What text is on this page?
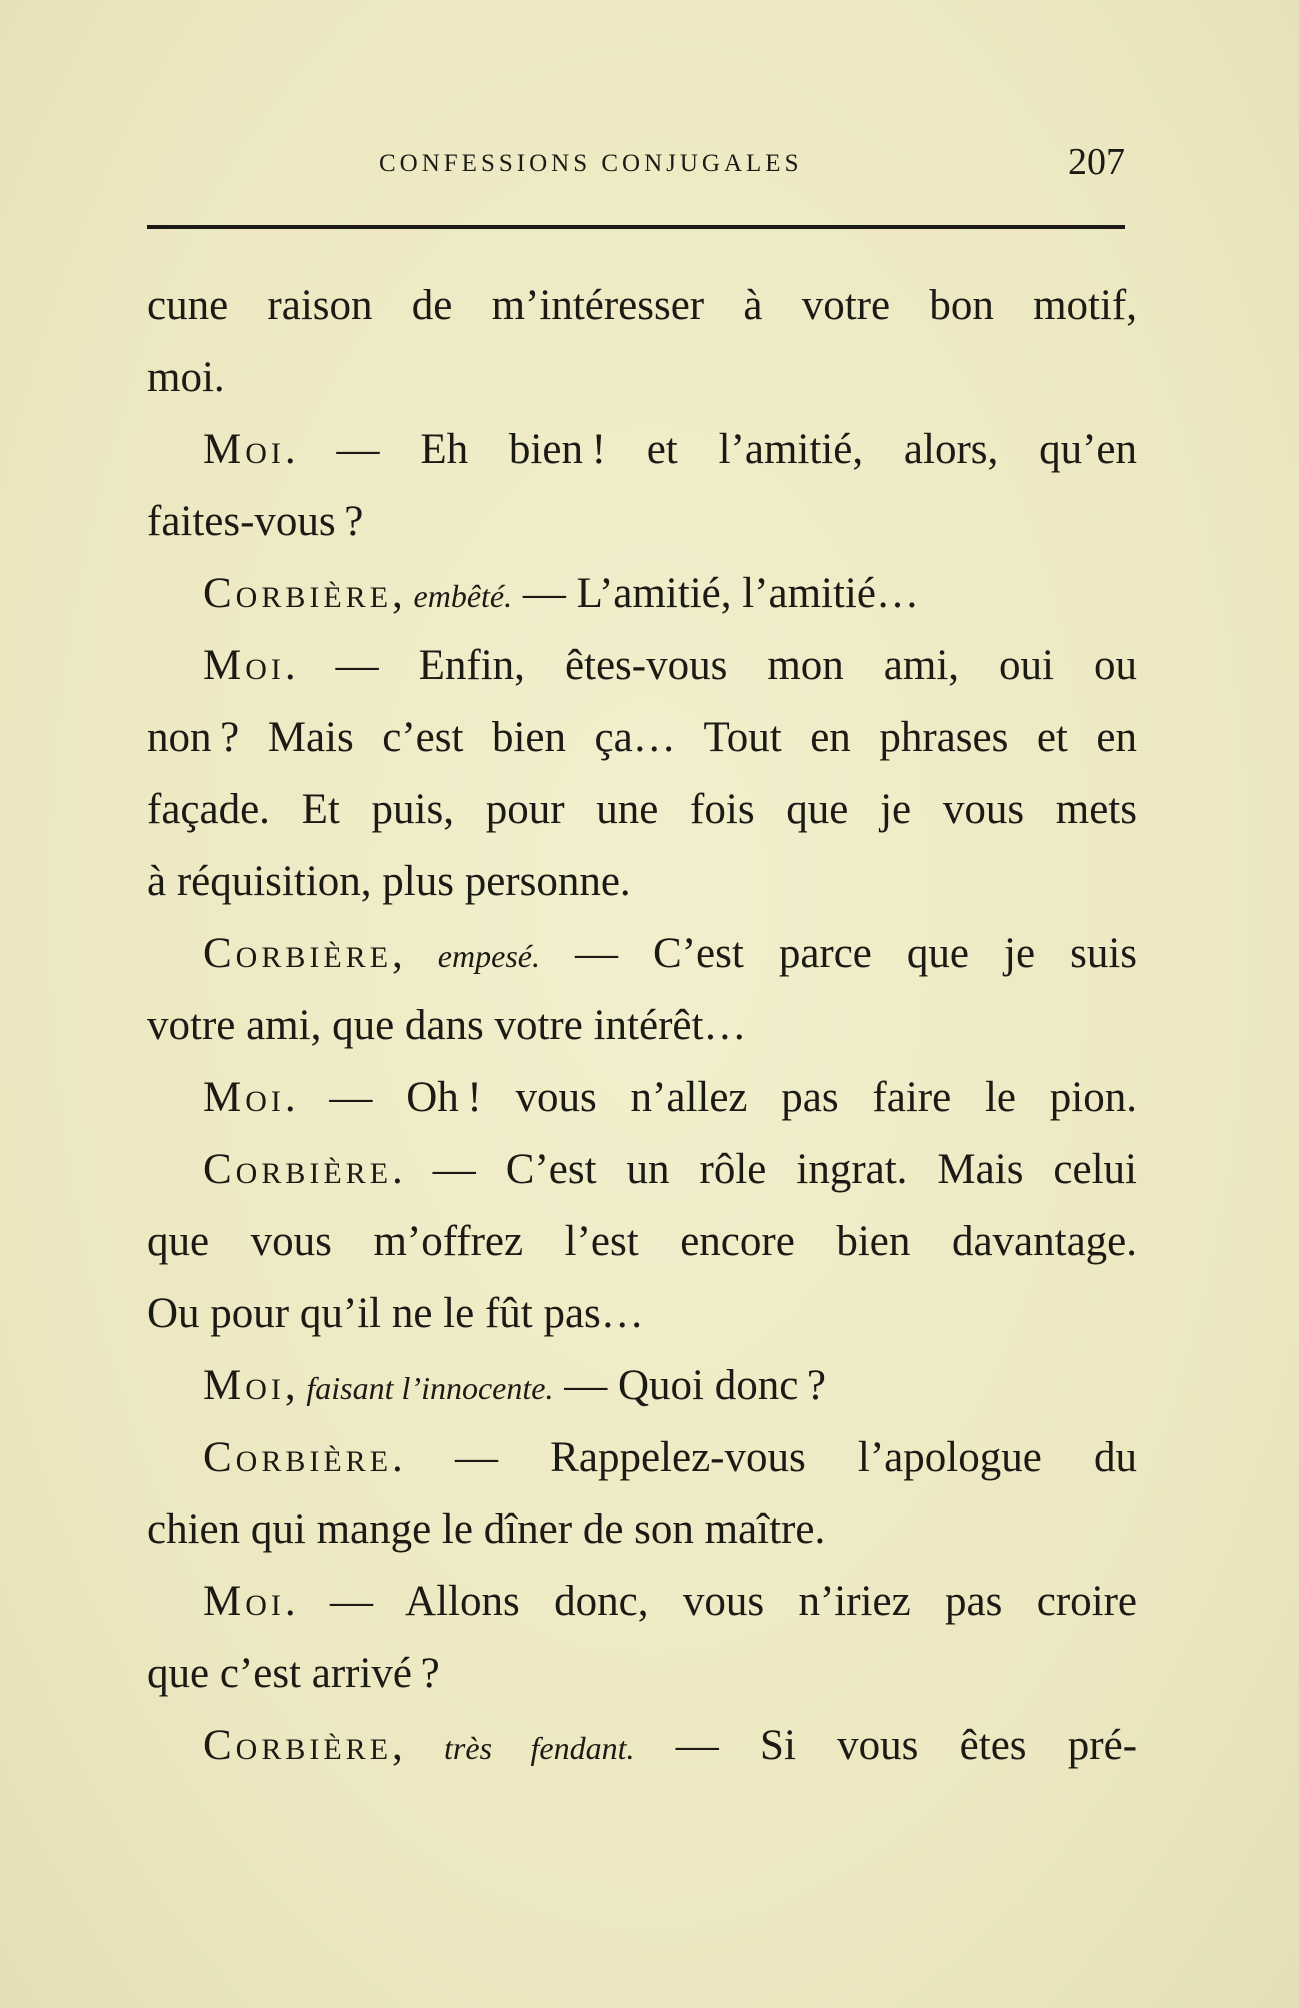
CONFESSIONS CONJUGALES	207
cune raison de m’intéresser à votre bon motif,
moi.
Moi. — Eh bien ! et l’amitié, alors, qu’en
faites-vous ?
Corbière, embêté. — L’amitié, l’amitié…
Moi. — Enfin, êtes-vous mon ami, oui ou
non ? Mais c’est bien ça… Tout en phrases et en
façade. Et puis, pour une fois que je vous mets
à réquisition, plus personne.
Corbière, empesé. — C’est parce que je suis
votre ami, que dans votre intérêt…
Moi. — Oh ! vous n’allez pas faire le pion.
Corbière. — C’est un rôle ingrat. Mais celui
que vous m’offrez l’est encore bien davantage.
Ou pour qu’il ne le fût pas…
Moi, faisant l’innocente. — Quoi donc ?
Corbière. — Rappelez-vous l’apologue du
chien qui mange le dîner de son maître.
Moi. — Allons donc, vous n’iriez pas croire
que c’est arrivé ?
Corbière, très fendant. — Si vous êtes pré-
